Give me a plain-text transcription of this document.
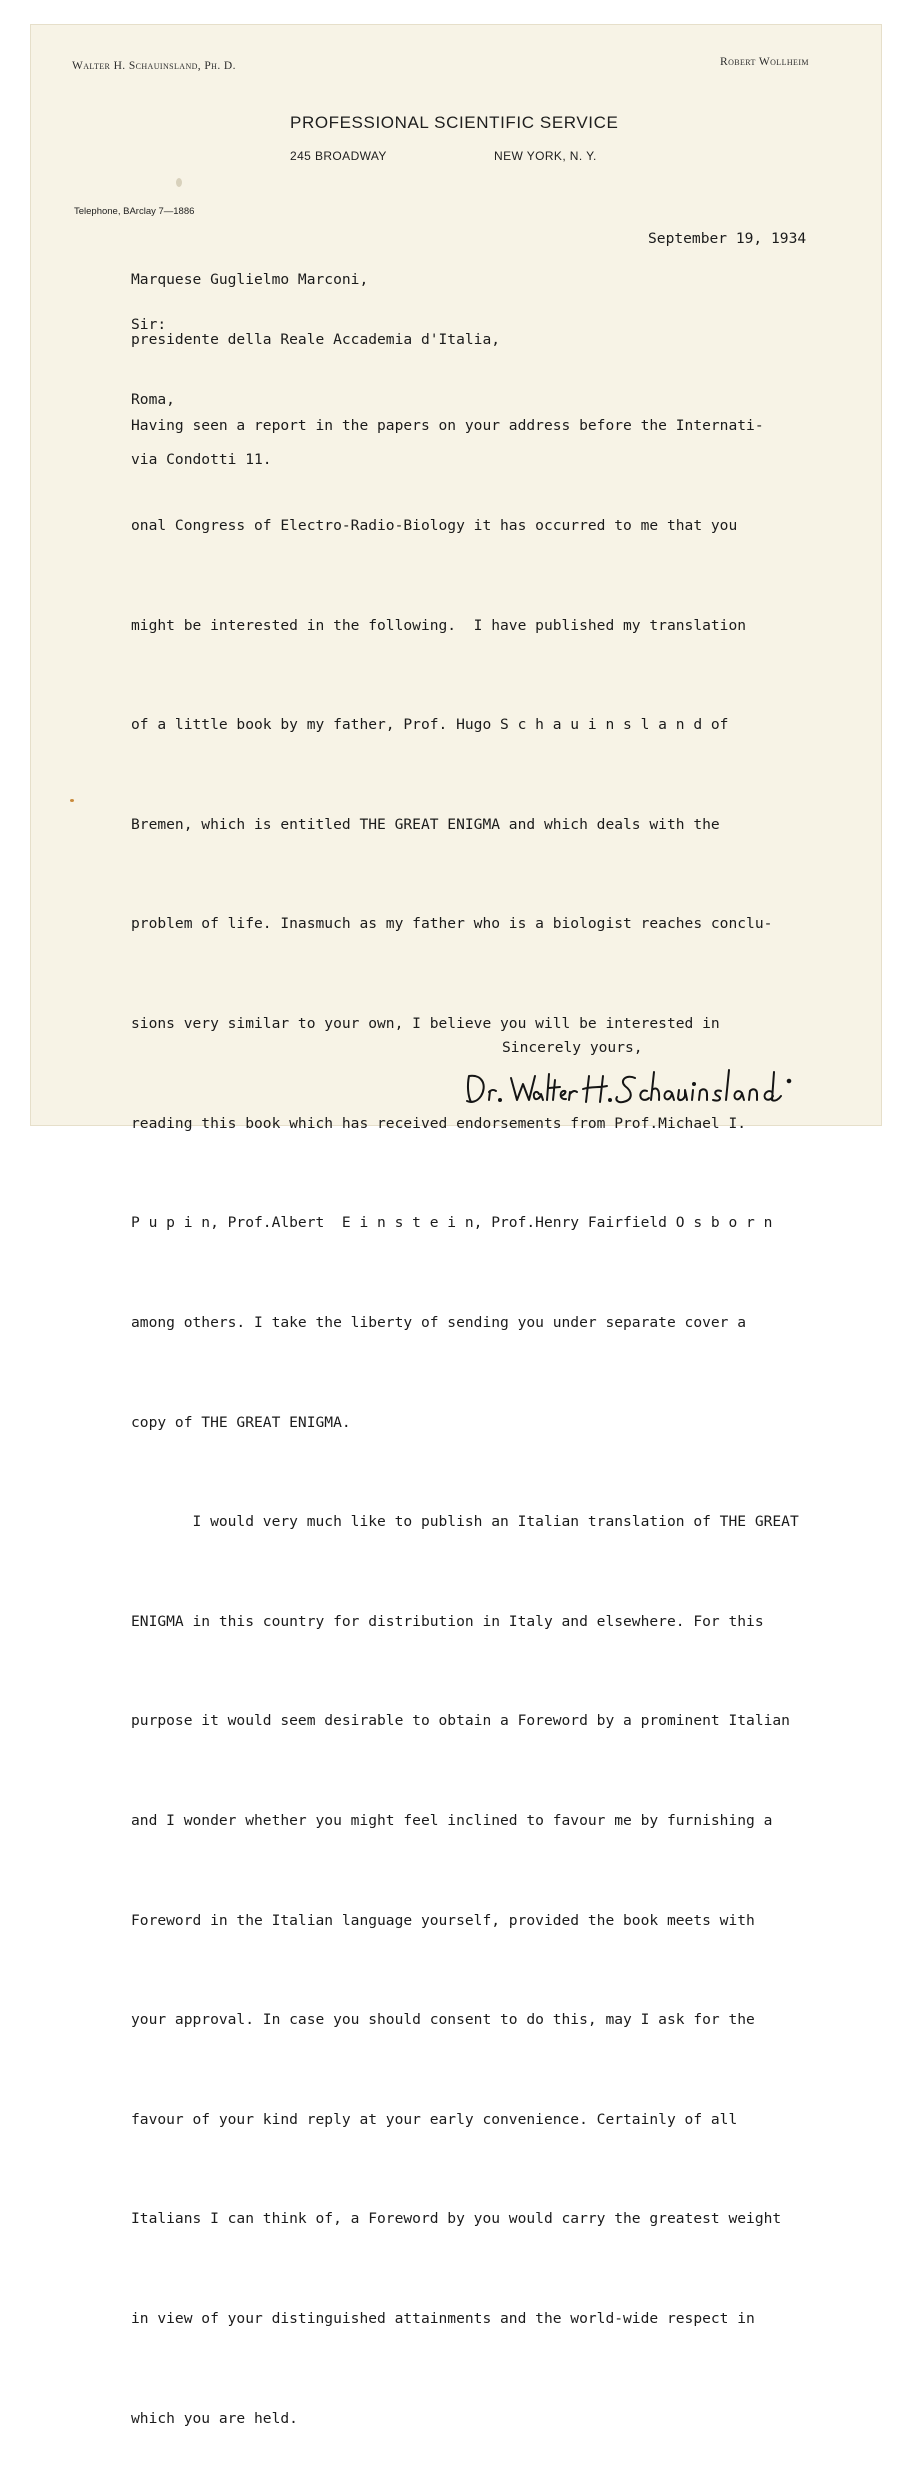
Walter H. Schauinsland, Ph. D.	Robert Wollheim
PROFESSIONAL SCIENTIFIC SERVICE
245 BROADWAY	NEW YORK, N. Y.
Telephone, BArclay 7—1886
September 19, 1934

Marquese Guglielmo Marconi,

presidente della Reale Accademia d'Italia,

Roma,

via Condotti 11.

Sir:

Having seen a report in the papers on your address before the Internati-

onal Congress of Electro-Radio-Biology it has occurred to me that you

might be interested in the following.  I have published my translation

of a little book by my father, Prof. Hugo S c h a u i n s l a n d of

Bremen, which is entitled THE GREAT ENIGMA and which deals with the

problem of life. Inasmuch as my father who is a biologist reaches conclu-

sions very similar to your own, I believe you will be interested in

reading this book which has received endorsements from Prof.Michael I.

P u p i n, Prof.Albert  E i n s t e i n, Prof.Henry Fairfield O s b o r n

among others. I take the liberty of sending you under separate cover a

copy of THE GREAT ENIGMA.

I would very much like to publish an Italian translation of THE GREAT

ENIGMA in this country for distribution in Italy and elsewhere. For this

purpose it would seem desirable to obtain a Foreword by a prominent Italian

and I wonder whether you might feel inclined to favour me by furnishing a

Foreword in the Italian language yourself, provided the book meets with

your approval. In case you should consent to do this, may I ask for the

favour of your kind reply at your early convenience. Certainly of all

Italians I can think of, a Foreword by you would carry the greatest weight

in view of your distinguished attainments and the world-wide respect in

which you are held.

Sincerely yours,
